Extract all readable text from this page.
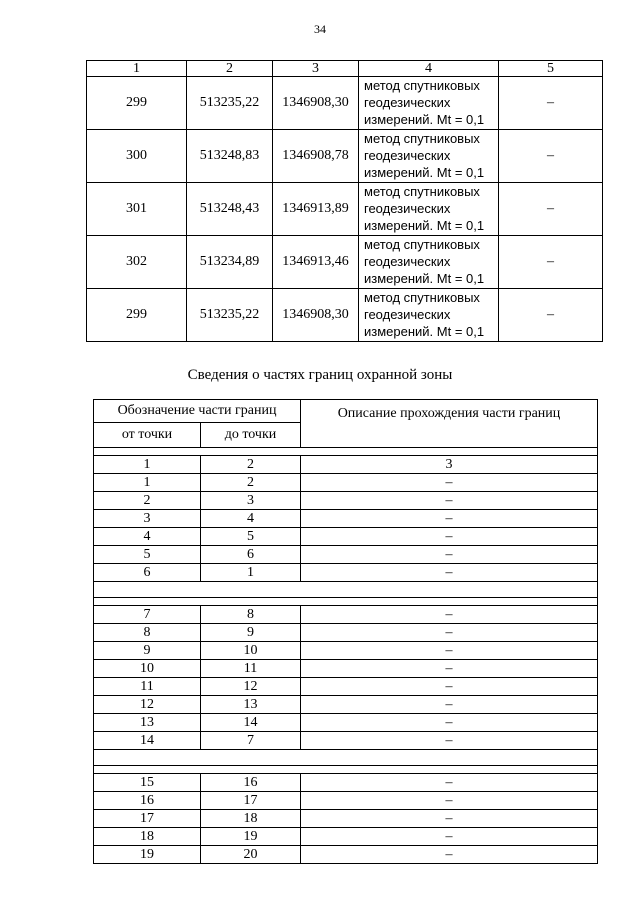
34
1	2	3	4	5
299	513235,22	1346908,30	метод спутниковых
геодезических
измерений. Mt = 0,1	–
300	513248,83	1346908,78	метод спутниковых
геодезических
измерений. Mt = 0,1	–
301	513248,43	1346913,89	метод спутниковых
геодезических
измерений. Mt = 0,1	–
302	513234,89	1346913,46	метод спутниковых
геодезических
измерений. Mt = 0,1	–
299	513235,22	1346908,30	метод спутниковых
геодезических
измерений. Mt = 0,1	–
Сведения о частях границ охранной зоны
Обозначение части границ		Описание прохождения части границ
от точки	до точки	

1	2	3
1	2	–
2	3	–
3	4	–
4	5	–
5	6	–
6	1	–

7	8	–
8	9	–
9	10	–
10	11	–
11	12	–
12	13	–
13	14	–
14	7	–

15	16	–
16	17	–
17	18	–
18	19	–
19	20	–
